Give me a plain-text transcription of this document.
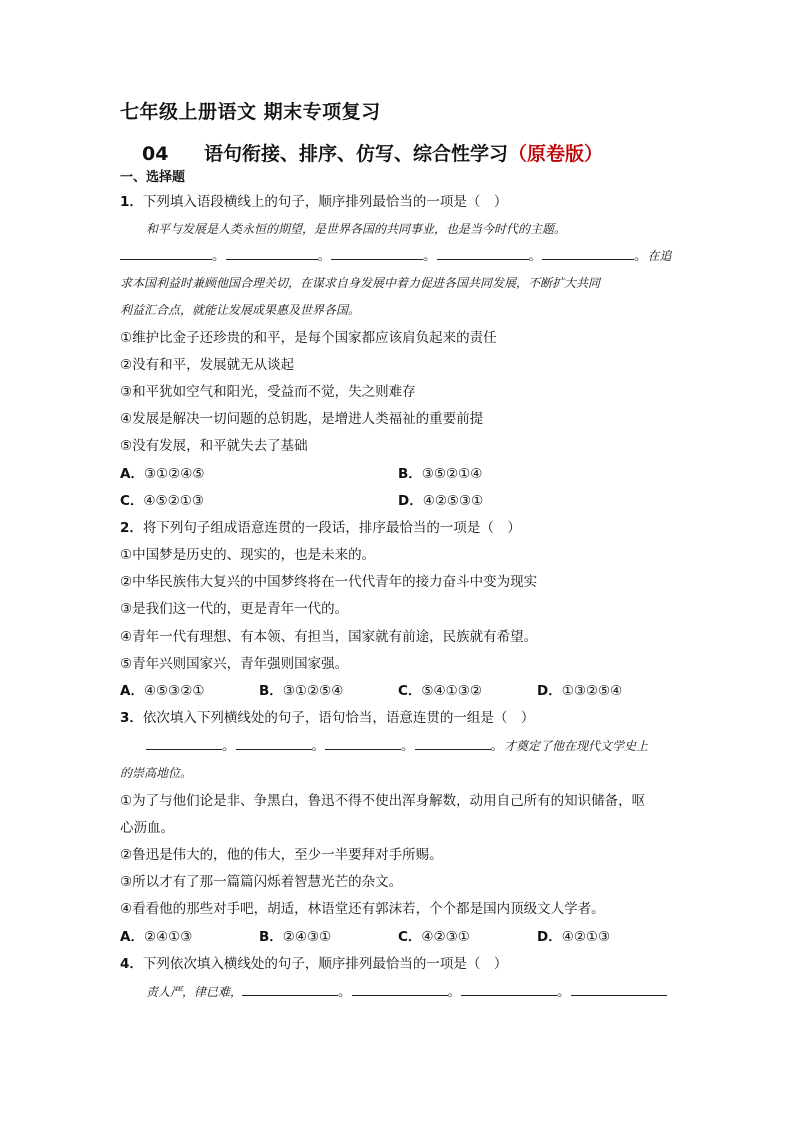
七年级上册语文 期末专项复习
04 语句衔接、排序、仿写、综合性学习（原卷版）
一、选择题
1．下列填入语段横线上的句子，顺序排列最恰当的一项是（　）
和平与发展是人类永恒的期望，是世界各国的共同事业，也是当今时代的主题。
。	。	。	。	。在追
求本国利益时兼顾他国合理关切，在谋求自身发展中着力促进各国共同发展，不断扩大共同
利益汇合点，就能让发展成果惠及世界各国。
①维护比金子还珍贵的和平，是每个国家都应该肩负起来的责任
②没有和平，发展就无从谈起
③和平犹如空气和阳光，受益而不觉，失之则难存
④发展是解决一切问题的总钥匙，是增进人类福祉的重要前提
⑤没有发展，和平就失去了基础
A．③①②④⑤	B．③⑤②①④
C．④⑤②①③	D．④②⑤③①
2．将下列句子组成语意连贯的一段话，排序最恰当的一项是（　）
①中国梦是历史的、现实的，也是未来的。
②中华民族伟大复兴的中国梦终将在一代代青年的接力奋斗中变为现实
③是我们这一代的，更是青年一代的。
④青年一代有理想、有本领、有担当，国家就有前途，民族就有希望。
⑤青年兴则国家兴，青年强则国家强。
A．④⑤③②①	B．③①②⑤④	C．⑤④①③②	D．①③②⑤④
3．依次填入下列横线处的句子，语句恰当，语意连贯的一组是（　）
。	。	。	。才奠定了他在现代文学史上
的崇高地位。
①为了与他们论是非、争黑白，鲁迅不得不使出浑身解数，动用自己所有的知识储备，呕
心沥血。
②鲁迅是伟大的，他的伟大，至少一半要拜对手所赐。
③所以才有了那一篇篇闪烁着智慧光芒的杂文。
④看看他的那些对手吧，胡适，林语堂还有郭沫若，个个都是国内顶级文人学者。
A．②④①③	B．②④③①	C．④②③①	D．④②①③
4．下列依次填入横线处的句子，顺序排列最恰当的一项是（　）
责人严，律已难，	。	。	。
